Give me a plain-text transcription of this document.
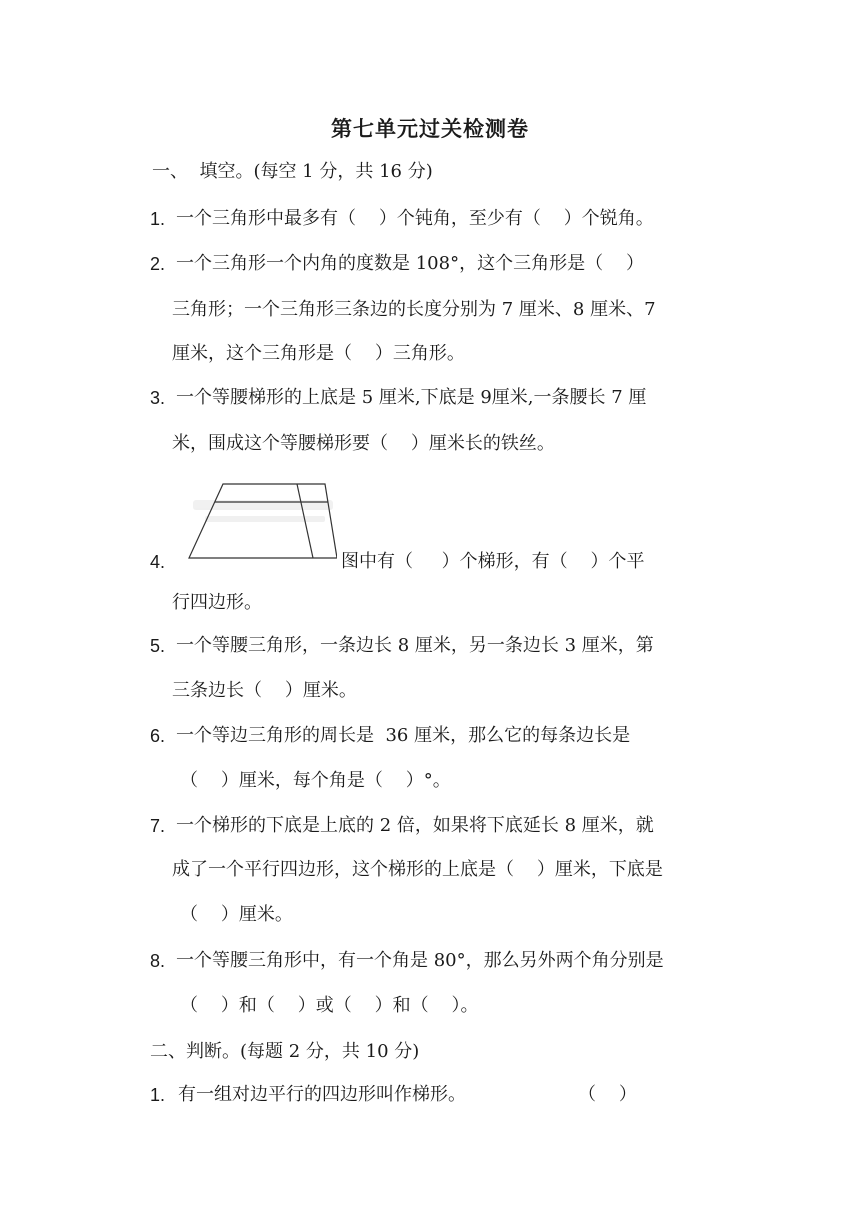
第七单元过关检测卷
一、  填空。(每空 1 分，共 16 分)
1. 一个三角形中最多有（    ）个钝角，至少有（    ）个锐角。
2. 一个三角形一个内角的度数是 108°，这个三角形是（    ）
三角形；一个三角形三条边的长度分别为 7 厘米、8 厘米、7
厘米，这个三角形是（    ）三角形。
3. 一个等腰梯形的上底是 5 厘米,下底是 9厘米,一条腰长 7 厘
米，围成这个等腰梯形要（    ）厘米长的铁丝。
4.	图中有（     ）个梯形，有（    ）个平
行四边形。
5. 一个等腰三角形，一条边长 8 厘米，另一条边长 3 厘米，第
三条边长（    ）厘米。
6. 一个等边三角形的周长是  36 厘米，那么它的每条边长是
（    ）厘米，每个角是（    ）°。
7. 一个梯形的下底是上底的 2 倍，如果将下底延长 8 厘米，就
成了一个平行四边形，这个梯形的上底是（    ）厘米，下底是
（    ）厘米。
8. 一个等腰三角形中，有一个角是 80°，那么另外两个角分别是
（    ）和（    ）或（    ）和（    ）。
二、判断。(每题 2 分，共 10 分)
1. 有一组对边平行的四边形叫作梯形。	（    ）
